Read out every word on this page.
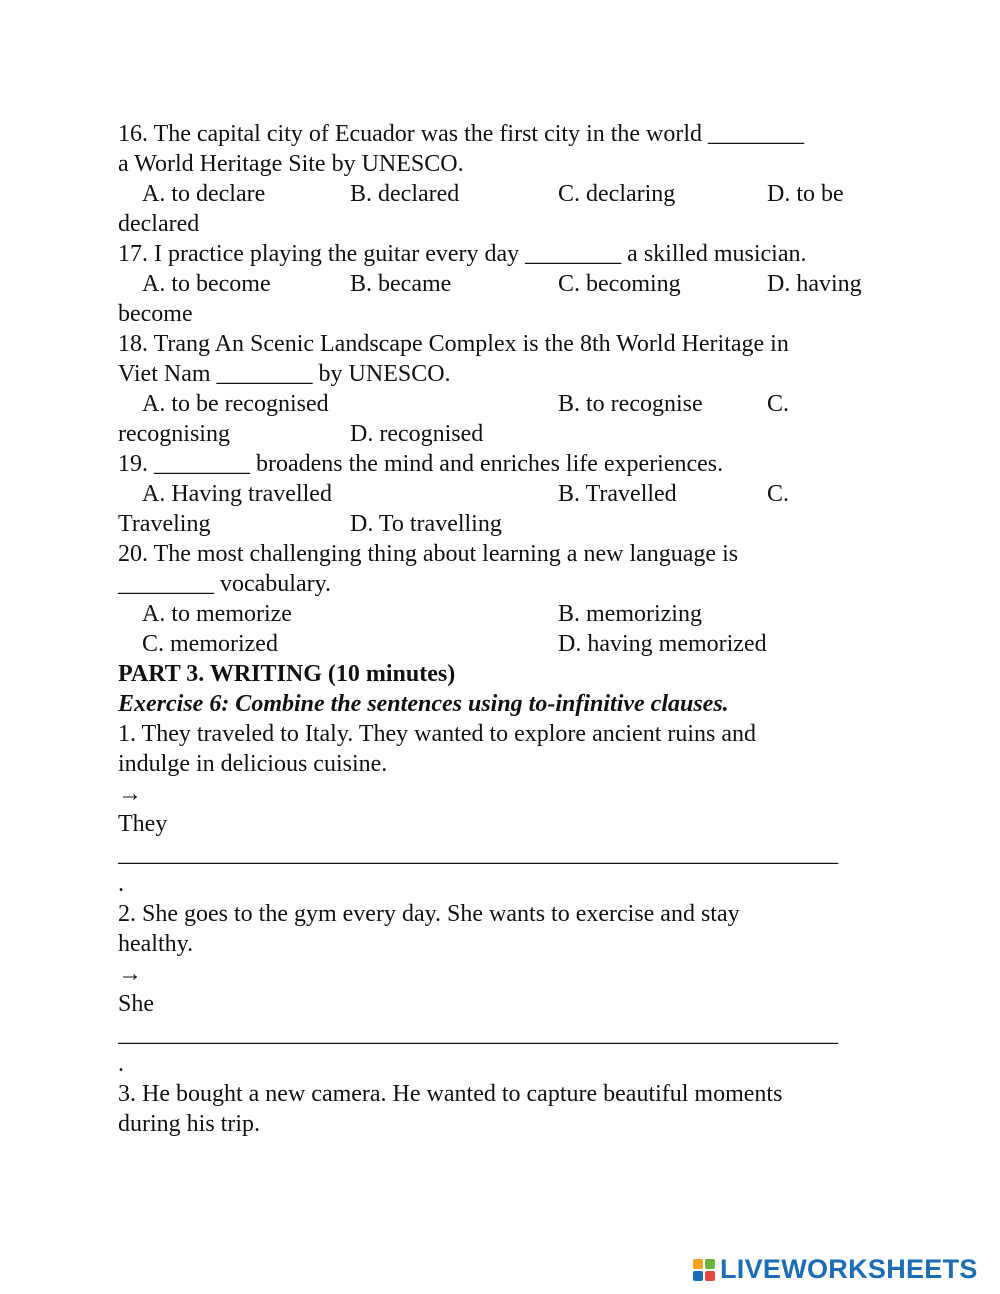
16. The capital city of Ecuador was the first city in the world ________
a World Heritage Site by UNESCO.
A. to declare	B. declared	C. declaring	D. to be
declared
17. I practice playing the guitar every day ________ a skilled musician.
A. to become	B. became	C. becoming	D. having
become
18. Trang An Scenic Landscape Complex is the 8th World Heritage in
Viet Nam ________ by UNESCO.
A. to be recognised	B. to recognise	C.
recognising	D. recognised
19. ________ broadens the mind and enriches life experiences.
A. Having travelled	B. Travelled	C.
Traveling	D. To travelling
20. The most challenging thing about learning a new language is
________ vocabulary.
A. to memorize	B. memorizing
C. memorized	D. having memorized
PART 3. WRITING (10 minutes)
Exercise 6: Combine the sentences using to-infinitive clauses.
1. They traveled to Italy. They wanted to explore ancient ruins and
indulge in delicious cuisine.
→
They
_____________________________________________________________
.
2. She goes to the gym every day. She wants to exercise and stay
healthy.
→
She
_____________________________________________________________
.
3. He bought a new camera. He wanted to capture beautiful moments
during his trip.
LIVEWORKSHEETS
